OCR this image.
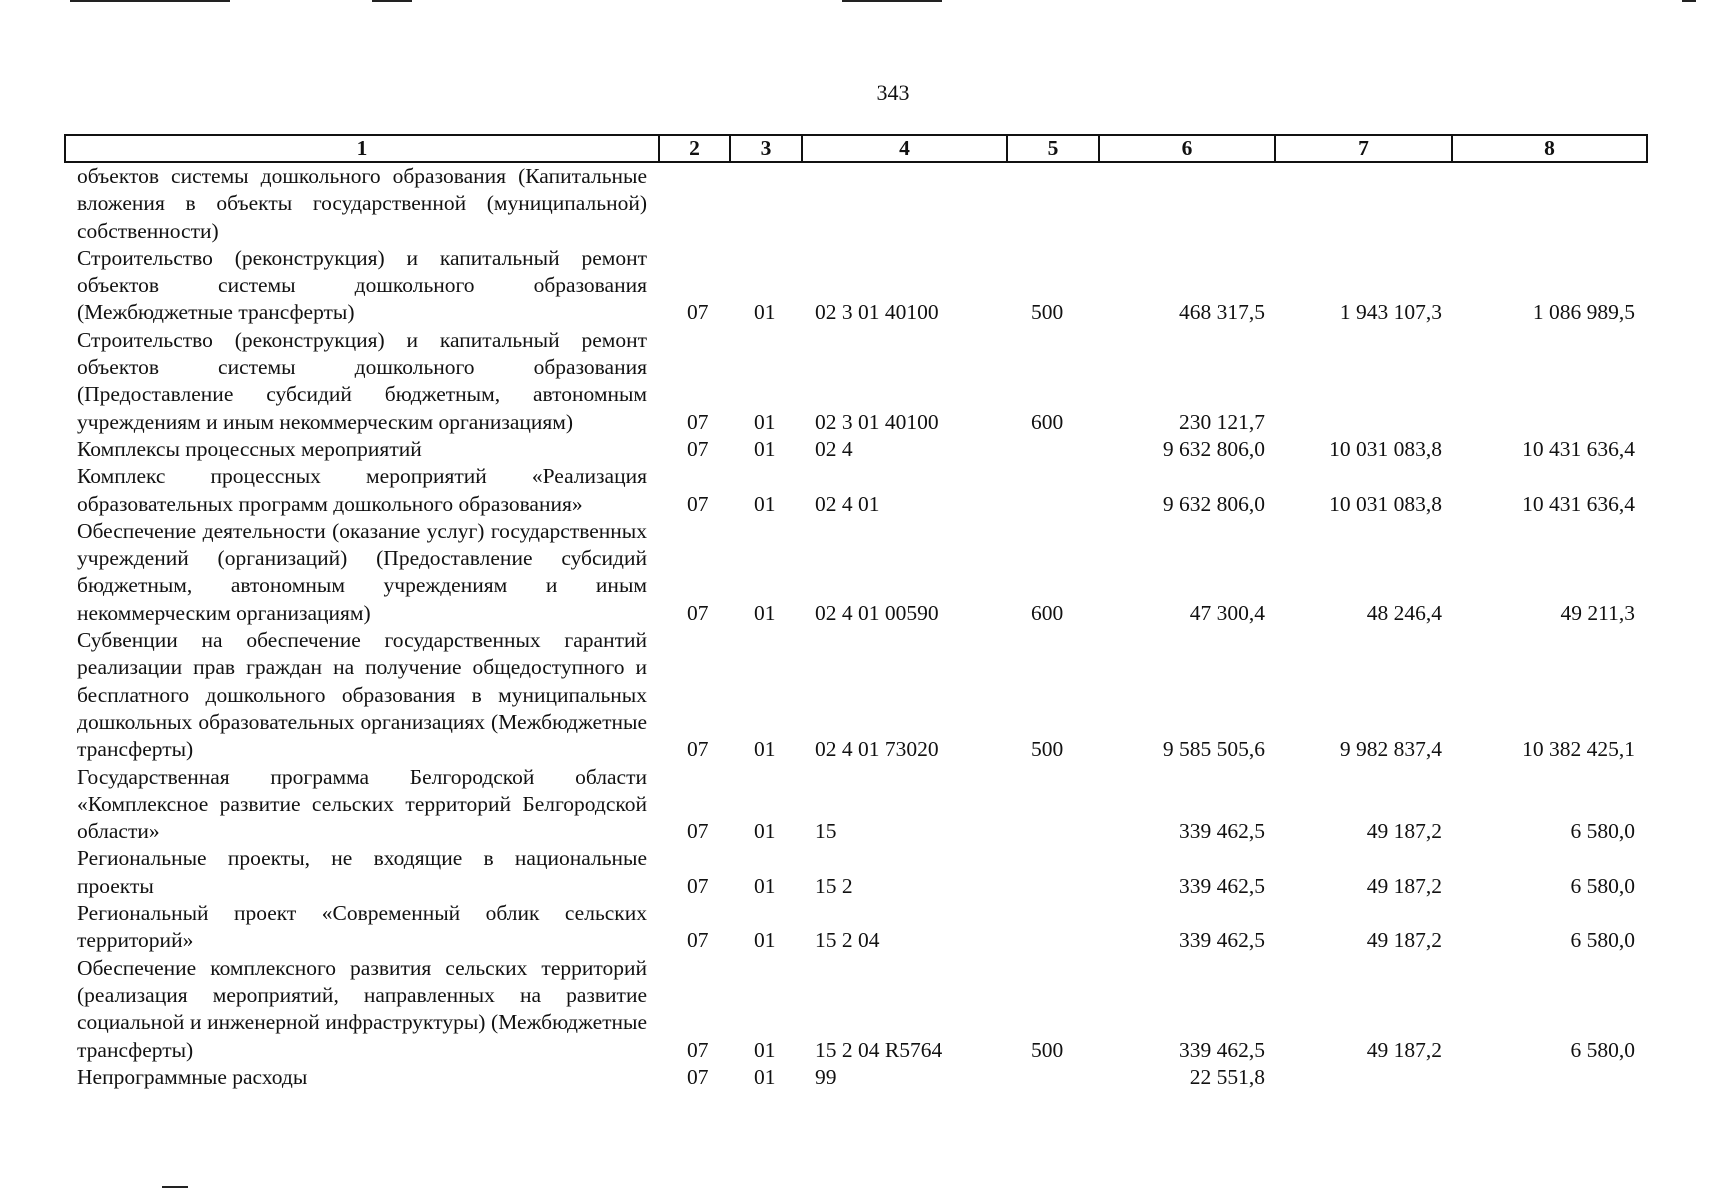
343
1	2	3	4	5	6	7	8
объектов системы дошкольного образования (Капитальные вложения в объекты государственной (муниципальной) собственности)							
Строительство (реконструкция) и капитальный ремонт объектов системы дошкольного образования (Межбюджетные трансферты)	07	01	02 3 01 40100	500	468 317,5	1 943 107,3	1 086 989,5
Строительство (реконструкция) и капитальный ремонт объектов системы дошкольного образования (Предоставление субсидий бюджетным, автономным учреждениям и иным некоммерческим организациям)	07	01	02 3 01 40100	600	230 121,7		
Комплексы процессных мероприятий	07	01	02 4		9 632 806,0	10 031 083,8	10 431 636,4
Комплекс процессных мероприятий «Реализация образовательных программ дошкольного образования»	07	01	02 4 01		9 632 806,0	10 031 083,8	10 431 636,4
Обеспечение деятельности (оказание услуг) государственных учреждений (организаций) (Предоставление субсидий бюджетным, автономным учреждениям и иным некоммерческим организациям)	07	01	02 4 01 00590	600	47 300,4	48 246,4	49 211,3
Субвенции на обеспечение государственных гарантий реализации прав граждан на получение общедоступного и бесплатного дошкольного образования в муниципальных дошкольных образовательных организациях (Межбюджетные трансферты)	07	01	02 4 01 73020	500	9 585 505,6	9 982 837,4	10 382 425,1
Государственная программа Белгородской области «Комплексное развитие сельских территорий Белгородской области»	07	01	15		339 462,5	49 187,2	6 580,0
Региональные проекты, не входящие в национальные проекты	07	01	15 2		339 462,5	49 187,2	6 580,0
Региональный проект «Современный облик сельских территорий»	07	01	15 2 04		339 462,5	49 187,2	6 580,0
Обеспечение комплексного развития сельских территорий (реализация мероприятий, направленных на развитие социальной и инженерной инфраструктуры) (Межбюджетные трансферты)	07	01	15 2 04 R5764	500	339 462,5	49 187,2	6 580,0
Непрограммные расходы	07	01	99		22 551,8		
